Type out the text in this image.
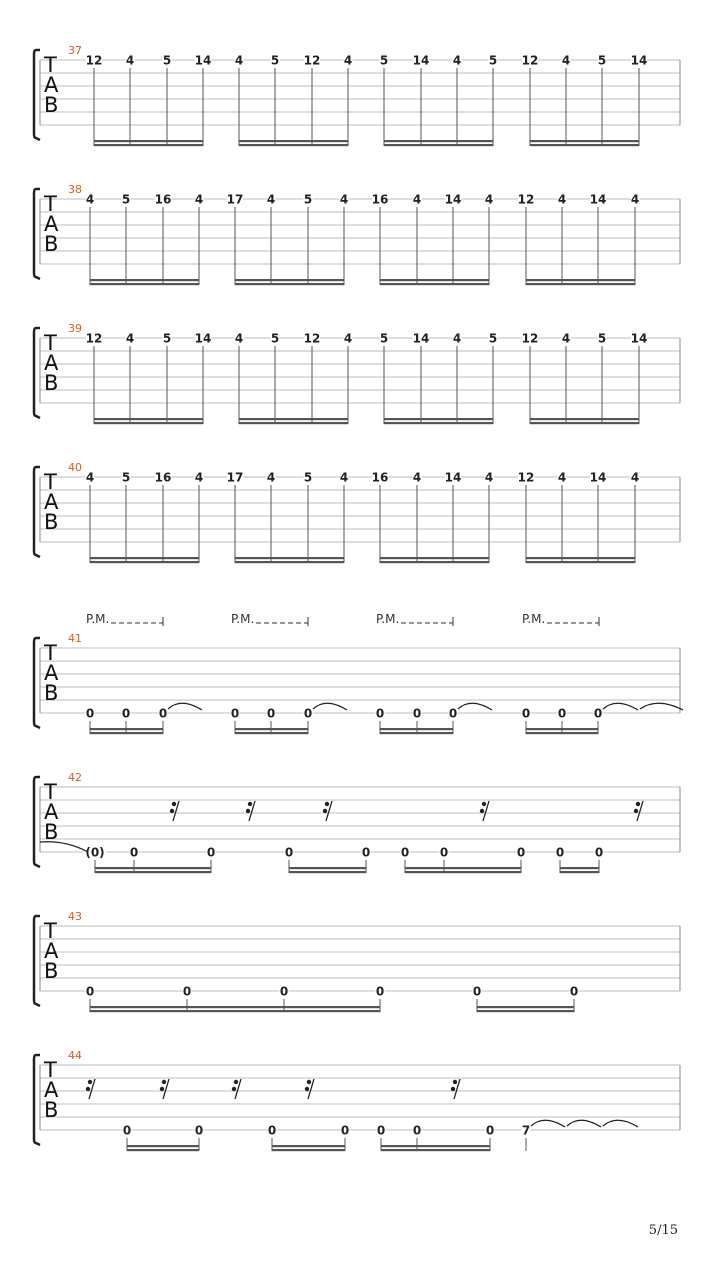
37
T
A
B
12 4 5 14 4 5 12 4 5 14 4 5 12 4 5 14
38
T
A
B
4 5 16 4 17 4 5 4 16 4 14 4 12 4 14 4
39
T
A
B
12 4 5 14 4 5 12 4 5 14 4 5 12 4 5 14
40
T
A
B
4 5 16 4 17 4 5 4 16 4 14 4 12 4 14 4
41
T
A
B
0 0 0	0 0 0	0 0 0	0 0 0
42
T
A
B
(0) 0	0	0	0	0	0	0	0	0
43
T
A
B
0	0	0	0	0	0
44
T
A
B
0	0	0	0 0 0	0 7
5/15
P.M.	P.M.	P.M.	P.M.
